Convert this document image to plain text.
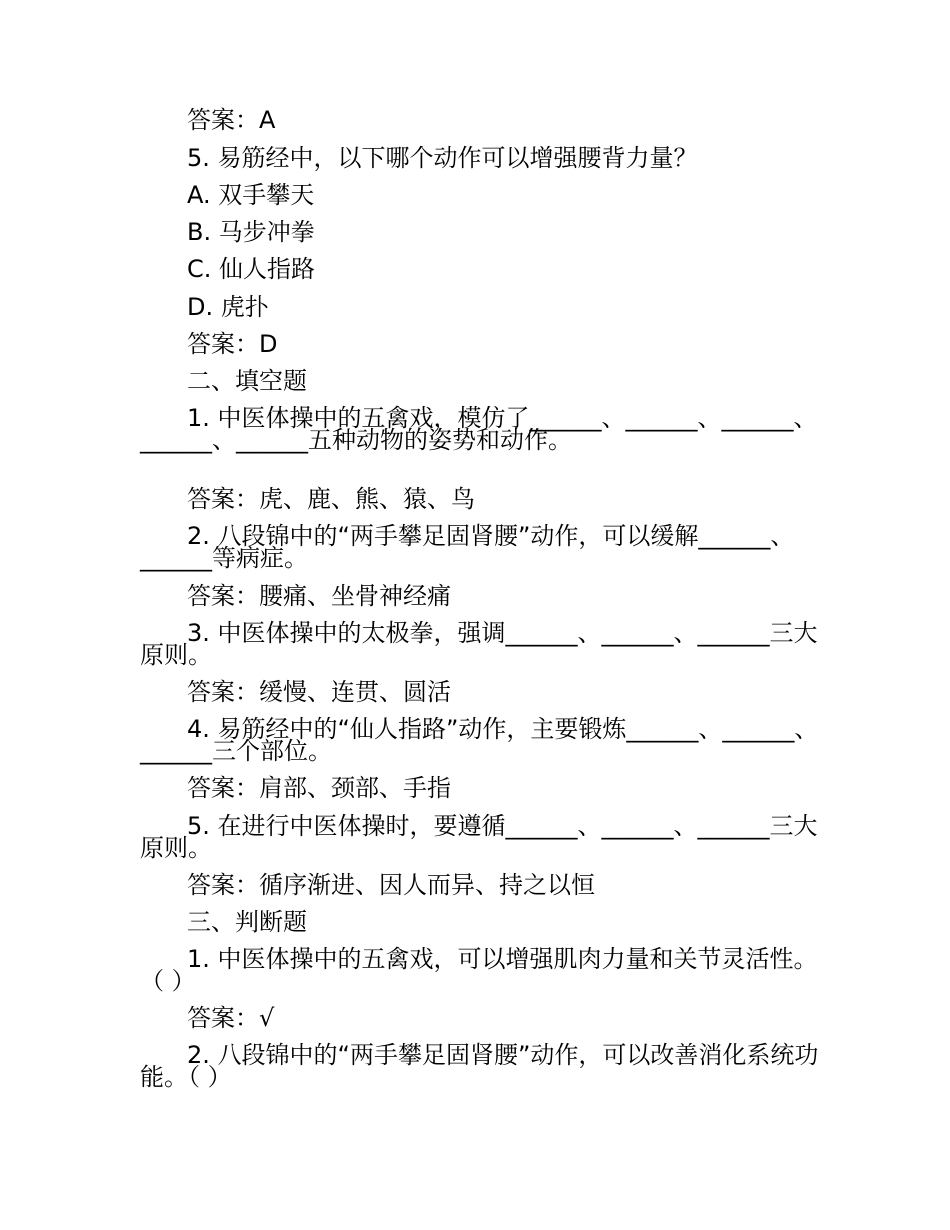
答案：A

5. 易筋经中，以下哪个动作可以增强腰背力量？

A. 双手攀天

B. 马步冲拳

C. 仙人指路

D. 虎扑

答案：D

二、填空题

1. 中医体操中的五禽戏，模仿了______、______、______、______、______五种动物的姿势和动作。

答案：虎、鹿、熊、猿、鸟

2. 八段锦中的“两手攀足固肾腰”动作，可以缓解______、______等病症。

答案：腰痛、坐骨神经痛

3. 中医体操中的太极拳，强调______、______、______三大原则。

答案：缓慢、连贯、圆活

4. 易筋经中的“仙人指路”动作，主要锻炼______、______、______三个部位。

答案：肩部、颈部、手指

5. 在进行中医体操时，要遵循______、______、______三大原则。

答案：循序渐进、因人而异、持之以恒

三、判断题

1. 中医体操中的五禽戏，可以增强肌肉力量和关节灵活性。（ ）

答案：√

2. 八段锦中的“两手攀足固肾腰”动作，可以改善消化系统功能。（ ）
